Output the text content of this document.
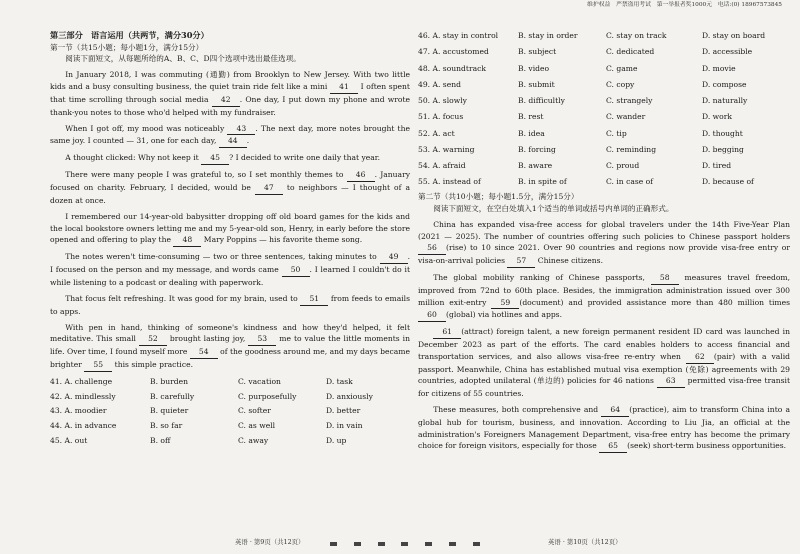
第三部分　语言运用（共两节，满分30分）
第一节（共15小题；每小题1分，满分15分）

阅读下面短文，从每题所给的A、B、C、D四个选项中选出最佳选项。

In January 2018, I was commuting (通勤) from Brooklyn to New Jersey. With two little kids and a busy consulting business, the quiet train ride felt like a mini 41 I often spent that time scrolling through social media 42 . One day, I put down my phone and wrote thank-you notes to those who'd helped with my fundraiser.

When I got off, my mood was noticeably 43 . The next day, more notes brought the same joy. I counted — 31, one for each day, 44 .

A thought clicked: Why not keep it 45 ? I decided to write one daily that year.

There were many people I was grateful to, so I set monthly themes to 46 . January focused on charity. February, I decided, would be 47 to neighbors — I thought of a dozen at once.

I remembered our 14-year-old babysitter dropping off old board games for the kids and the local bookstore owners letting me and my 5-year-old son, Henry, in early before the store opened and offering to play the 48 Mary Poppins — his favorite theme song.

The notes weren't time-consuming — two or three sentences, taking minutes to 49 . I focused on the person and my message, and words came 50 . I learned I couldn't do it while listening to a podcast or dealing with paperwork.

That focus felt refreshing. It was good for my brain, used to 51 from feeds to emails to apps.

With pen in hand, thinking of someone's kindness and how they'd helped, it felt meditative. This small 52 brought lasting joy, 53 me to value the little moments in life. Over time, I found myself more 54 of the goodness around me, and my days became brighter 55 this simple practice.

41. A. challenge	B. burden	C. vacation	D. task
42. A. mindlessly	B. carefully	C. purposefully	D. anxiously
43. A. moodier	B. quieter	C. softer	D. better
44. A. in advance	B. so far	C. as well	D. in vain
45. A. out	B. off	C. away	D. up
英语 · 第9页（共12页）
维护权益　严禁盗用考试　第一举报者奖1000元　电话:(0) 18967573845
46. A. stay in control	B. stay in order	C. stay on track	D. stay on board
47. A. accustomed	B. subject	C. dedicated	D. accessible
48. A. soundtrack	B. video	C. game	D. movie
49. A. send	B. submit	C. copy	D. compose
50. A. slowly	B. difficultly	C. strangely	D. naturally
51. A. focus	B. rest	C. wander	D. work
52. A. act	B. idea	C. tip	D. thought
53. A. warning	B. forcing	C. reminding	D. begging
54. A. afraid	B. aware	C. proud	D. tired
55. A. instead of	B. in spite of	C. in case of	D. because of
第二节（共10小题；每小题1.5分，满分15分）

阅读下面短文，在空白处填入1个适当的单词或括号内单词的正确形式。

China has expanded visa-free access for global travelers under the 14th Five-Year Plan (2021 — 2025). The number of countries offering such policies to Chinese passport holders 56 (rise) to 10 since 2021. Over 90 countries and regions now provide visa-free entry or visa-on-arrival policies 57 Chinese citizens.

The global mobility ranking of Chinese passports, 58 measures travel freedom, improved from 72nd to 60th place. Besides, the immigration administration issued over 300 million exit-entry 59 (document) and provided assistance more than 480 million times 60 (global) via hotlines and apps.

61 (attract) foreign talent, a new foreign permanent resident ID card was launched in December 2023 as part of the efforts. The card enables holders to access financial and transportation services, and also allows visa-free re-entry when 62 (pair) with a valid passport. Meanwhile, China has established mutual visa exemption (免除) agreements with 29 countries, adopted unilateral (单边的) policies for 46 nations 63 permitted visa-free transit for citizens of 55 countries.

These measures, both comprehensive and 64 (practice), aim to transform China into a global hub for tourism, business, and innovation. According to Liu Jia, an official at the administration's Foreigners Management Department, visa-free entry has become the primary choice for foreign visitors, especially for those 65 (seek) short-term business opportunities.

英语 · 第10页（共12页）
